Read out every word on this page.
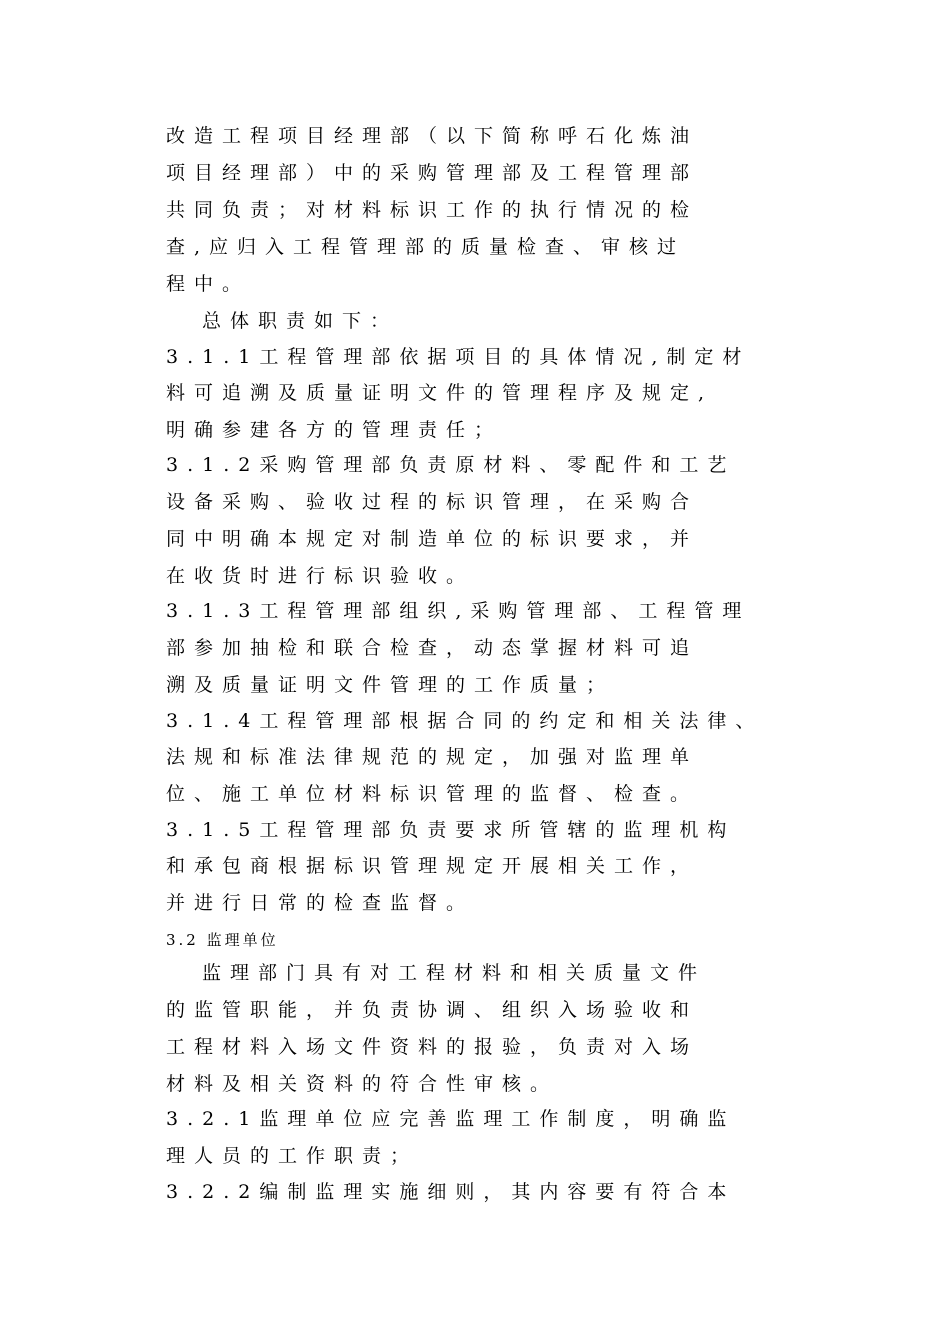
改造工程项目经理部（以下简称呼石化炼油
项目经理部）中的采购管理部及工程管理部
共同负责；对材料标识工作的执行情况的检
查,应归入工程管理部的质量检查、审核过
程中。
总体职责如下：
3.1.1工程管理部依据项目的具体情况,制定材
料可追溯及质量证明文件的管理程序及规定,
明确参建各方的管理责任；
3.1.2采购管理部负责原材料、零配件和工艺
设备采购、验收过程的标识管理，在采购合
同中明确本规定对制造单位的标识要求，并
在收货时进行标识验收。
3.1.3工程管理部组织,采购管理部、工程管理
部参加抽检和联合检查，动态掌握材料可追
溯及质量证明文件管理的工作质量；
3.1.4工程管理部根据合同的约定和相关法律、
法规和标准法律规范的规定，加强对监理单
位、施工单位材料标识管理的监督、检查。
3.1.5工程管理部负责要求所管辖的监理机构
和承包商根据标识管理规定开展相关工作，
并进行日常的检查监督。
3.2 监理单位
监理部门具有对工程材料和相关质量文件
的监管职能，并负责协调、组织入场验收和
工程材料入场文件资料的报验，负责对入场
材料及相关资料的符合性审核。
3.2.1监理单位应完善监理工作制度，明确监
理人员的工作职责；
3.2.2编制监理实施细则，其内容要有符合本
